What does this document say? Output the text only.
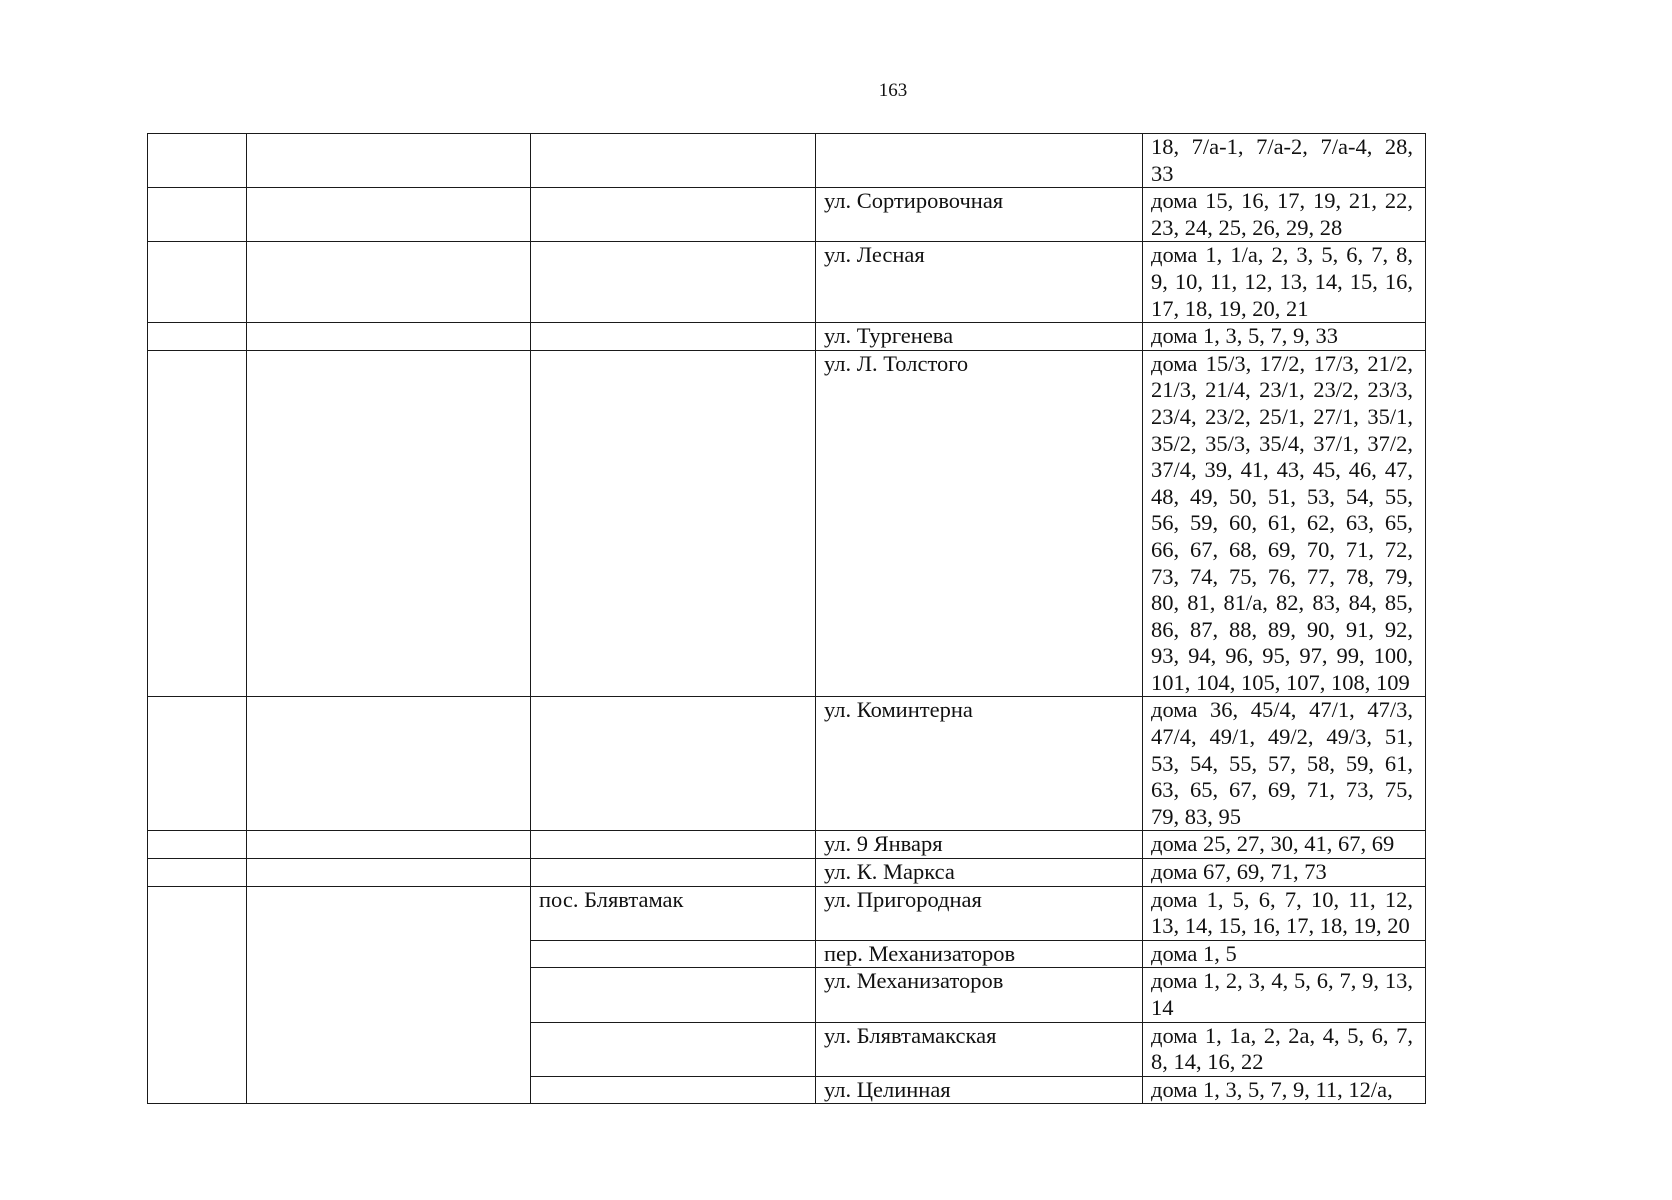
163
				18, 7/а-1, 7/а-2, 7/а-4, 28, 33
			ул. Сортировочная	дома 15, 16, 17, 19, 21, 22, 23, 24, 25, 26, 29, 28
			ул. Лесная	дома 1, 1/а, 2, 3, 5, 6, 7, 8, 9, 10, 11, 12, 13, 14, 15, 16, 17, 18, 19, 20, 21
			ул. Тургенева	дома 1, 3, 5, 7, 9, 33
			ул. Л. Толстого	дома 15/3, 17/2, 17/3, 21/2, 21/3, 21/4, 23/1, 23/2, 23/3, 23/4, 23/2, 25/1, 27/1, 35/1, 35/2, 35/3, 35/4, 37/1, 37/2, 37/4, 39, 41, 43, 45, 46, 47, 48, 49, 50, 51, 53, 54, 55, 56, 59, 60, 61, 62, 63, 65, 66, 67, 68, 69, 70, 71, 72, 73, 74, 75, 76, 77, 78, 79, 80, 81, 81/а, 82, 83, 84, 85, 86, 87, 88, 89, 90, 91, 92, 93, 94, 96, 95, 97, 99, 100, 101, 104, 105, 107, 108, 109
			ул. Коминтерна	дома 36, 45/4, 47/1, 47/3, 47/4, 49/1, 49/2, 49/3, 51, 53, 54, 55, 57, 58, 59, 61, 63, 65, 67, 69, 71, 73, 75, 79, 83, 95
			ул. 9 Января	дома 25, 27, 30, 41, 67, 69
			ул. К. Маркса	дома 67, 69, 71, 73
		пос. Блявтамак	ул. Пригородная	дома 1, 5, 6, 7, 10, 11, 12, 13, 14, 15, 16, 17, 18, 19, 20
			пер. Механизаторов	дома 1, 5
			ул. Механизаторов	дома 1, 2, 3, 4, 5, 6, 7, 9, 13, 14
			ул. Блявтамакская	дома 1, 1а, 2, 2а, 4, 5, 6, 7, 8, 14, 16, 22
			ул. Целинная	дома 1, 3, 5, 7, 9, 11, 12/а,
